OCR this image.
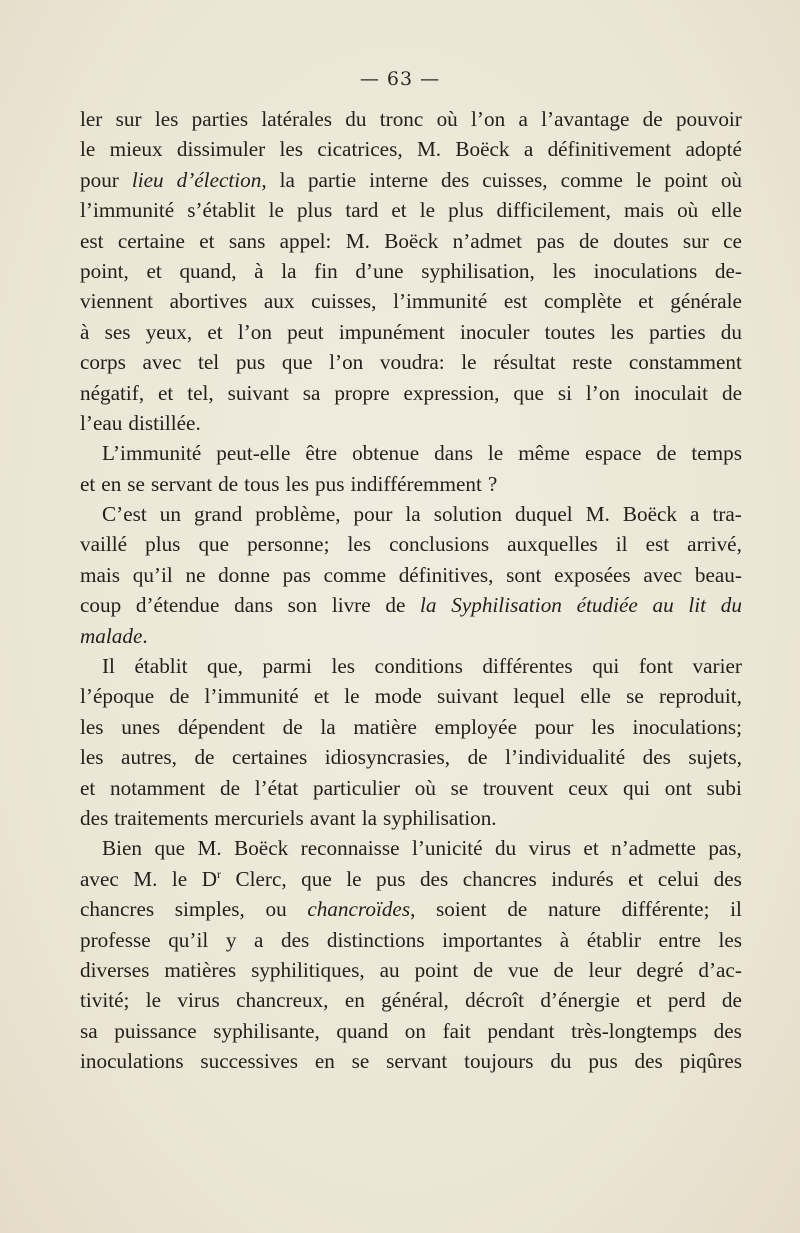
— 63 —
ler sur les parties latérales du tronc où l’on a l’avantage de pouvoir
le mieux dissimuler les cicatrices, M. Boëck a définitivement adopté
pour lieu d’élection, la partie interne des cuisses, comme le point où
l’immunité s’établit le plus tard et le plus difficilement, mais où elle
est certaine et sans appel: M. Boëck n’admet pas de doutes sur ce
point, et quand, à la fin d’une syphilisation, les inoculations de-
viennent abortives aux cuisses, l’immunité est complète et générale
à ses yeux, et l’on peut impunément inoculer toutes les parties du
corps avec tel pus que l’on voudra: le résultat reste constamment
négatif, et tel, suivant sa propre expression, que si l’on inoculait de
l’eau distillée.
L’immunité peut-elle être obtenue dans le même espace de temps
et en se servant de tous les pus indifféremment ?
C’est un grand problème, pour la solution duquel M. Boëck a tra-
vaillé plus que personne; les conclusions auxquelles il est arrivé,
mais qu’il ne donne pas comme définitives, sont exposées avec beau-
coup d’étendue dans son livre de la Syphilisation étudiée au lit du
malade.
Il établit que, parmi les conditions différentes qui font varier
l’époque de l’immunité et le mode suivant lequel elle se reproduit,
les unes dépendent de la matière employée pour les inoculations;
les autres, de certaines idiosyncrasies, de l’individualité des sujets,
et notamment de l’état particulier où se trouvent ceux qui ont subi
des traitements mercuriels avant la syphilisation.
Bien que M. Boëck reconnaisse l’unicité du virus et n’admette pas,
avec M. le $D^r$ Clerc, que le pus des chancres indurés et celui des
chancres simples, ou chancroïdes, soient de nature différente; il
professe qu’il y a des distinctions importantes à établir entre les
diverses matières syphilitiques, au point de vue de leur degré d’ac-
tivité; le virus chancreux, en général, décroît d’énergie et perd de
sa puissance syphilisante, quand on fait pendant très-longtemps des
inoculations successives en se servant toujours du pus des piqûres
